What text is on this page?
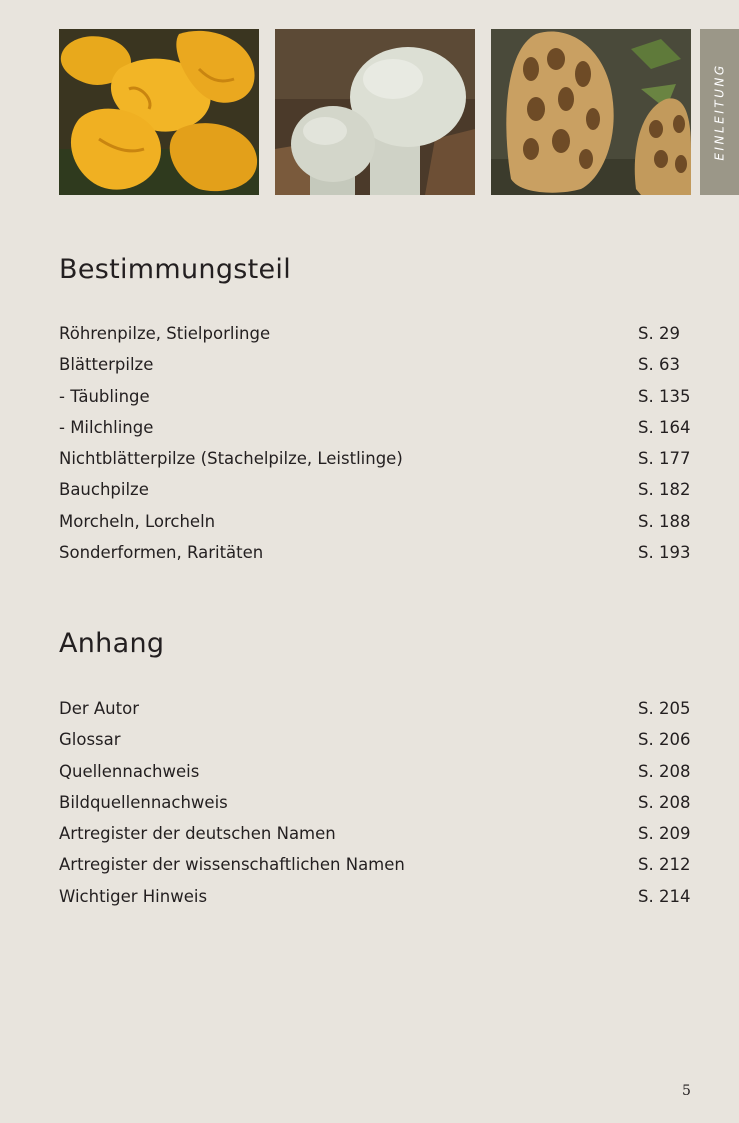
EINLEITUNG
Bestimmungsteil
Röhrenpilze, Stielporlinge	S. 29
Blätterpilze	S. 63
- Täublinge	S. 135
- Milchlinge	S. 164
Nichtblätterpilze (Stachelpilze, Leistlinge)	S. 177
Bauchpilze	S. 182
Morcheln, Lorcheln	S. 188
Sonderformen, Raritäten	S. 193
Anhang
Der Autor	S. 205
Glossar	S. 206
Quellennachweis	S. 208
Bildquellennachweis	S. 208
Artregister der deutschen Namen	S. 209
Artregister der wissenschaftlichen Namen	S. 212
Wichtiger Hinweis	S. 214
5
